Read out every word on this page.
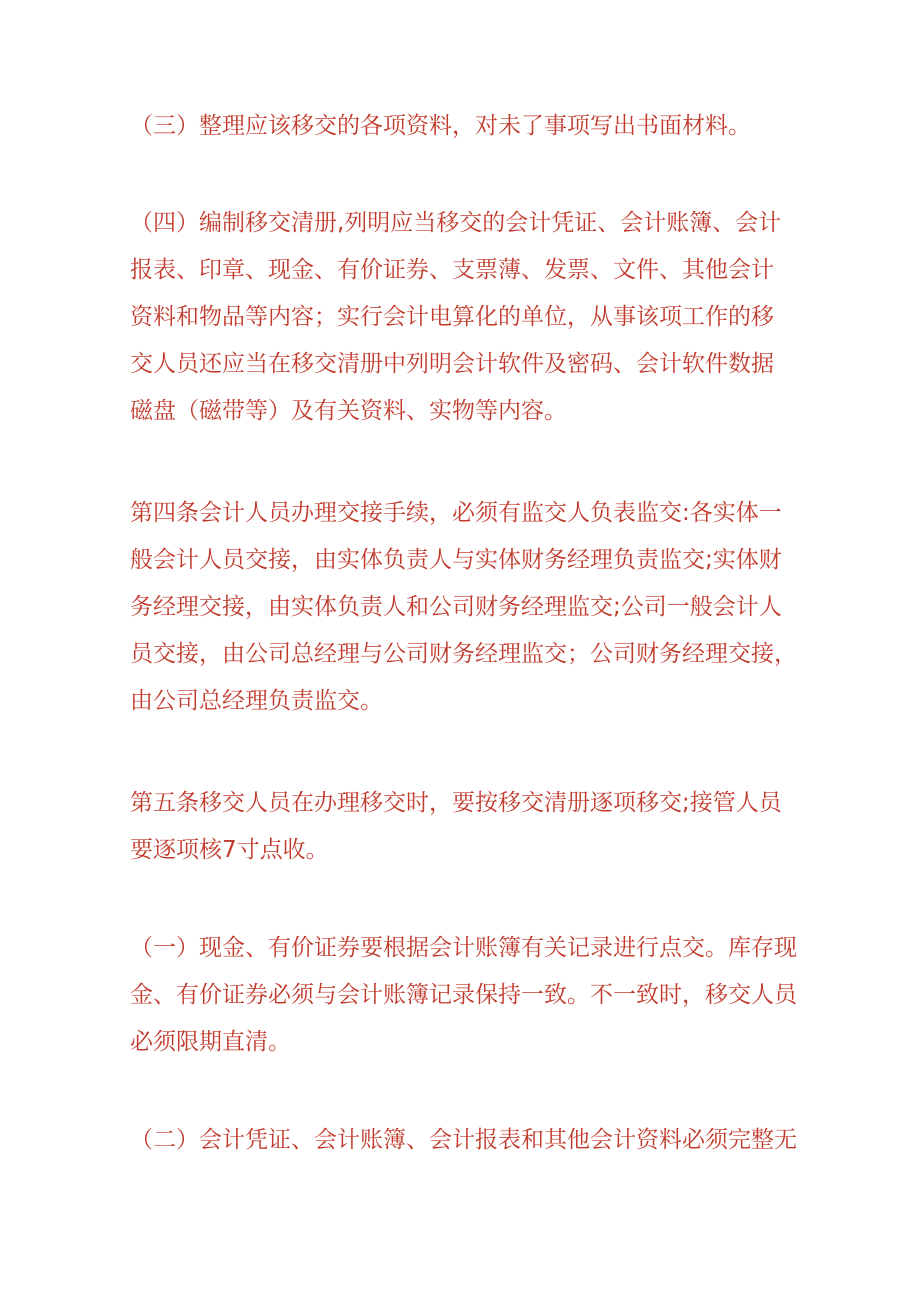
（三）整理应该移交的各项资料，对未了事项写出书面材料。

（四）编制移交清册,列明应当移交的会计凭证、会计账簿、会计
报表、印章、现金、有价证券、支票薄、发票、文件、其他会计
资料和物品等内容；实行会计电算化的单位，从事该项工作的移
交人员还应当在移交清册中列明会计软件及密码、会计软件数据
磁盘（磁带等）及有关资料、实物等内容。

第四条会计人员办理交接手续，必须有监交人负表监交:各实体一
般会计人员交接，由实体负责人与实体财务经理负责监交;实体财
务经理交接，由实体负责人和公司财务经理监交;公司一般会计人
员交接，由公司总经理与公司财务经理监交；公司财务经理交接，
由公司总经理负责监交。

第五条移交人员在办理移交时，要按移交清册逐项移交;接管人员
要逐项核7寸点收。

（一）现金、有价证券要根据会计账簿有关记录进行点交。库存现
金、有价证券必须与会计账簿记录保持一致。不一致时，移交人员
必须限期直清。

（二）会计凭证、会计账簿、会计报表和其他会计资料必须完整无
